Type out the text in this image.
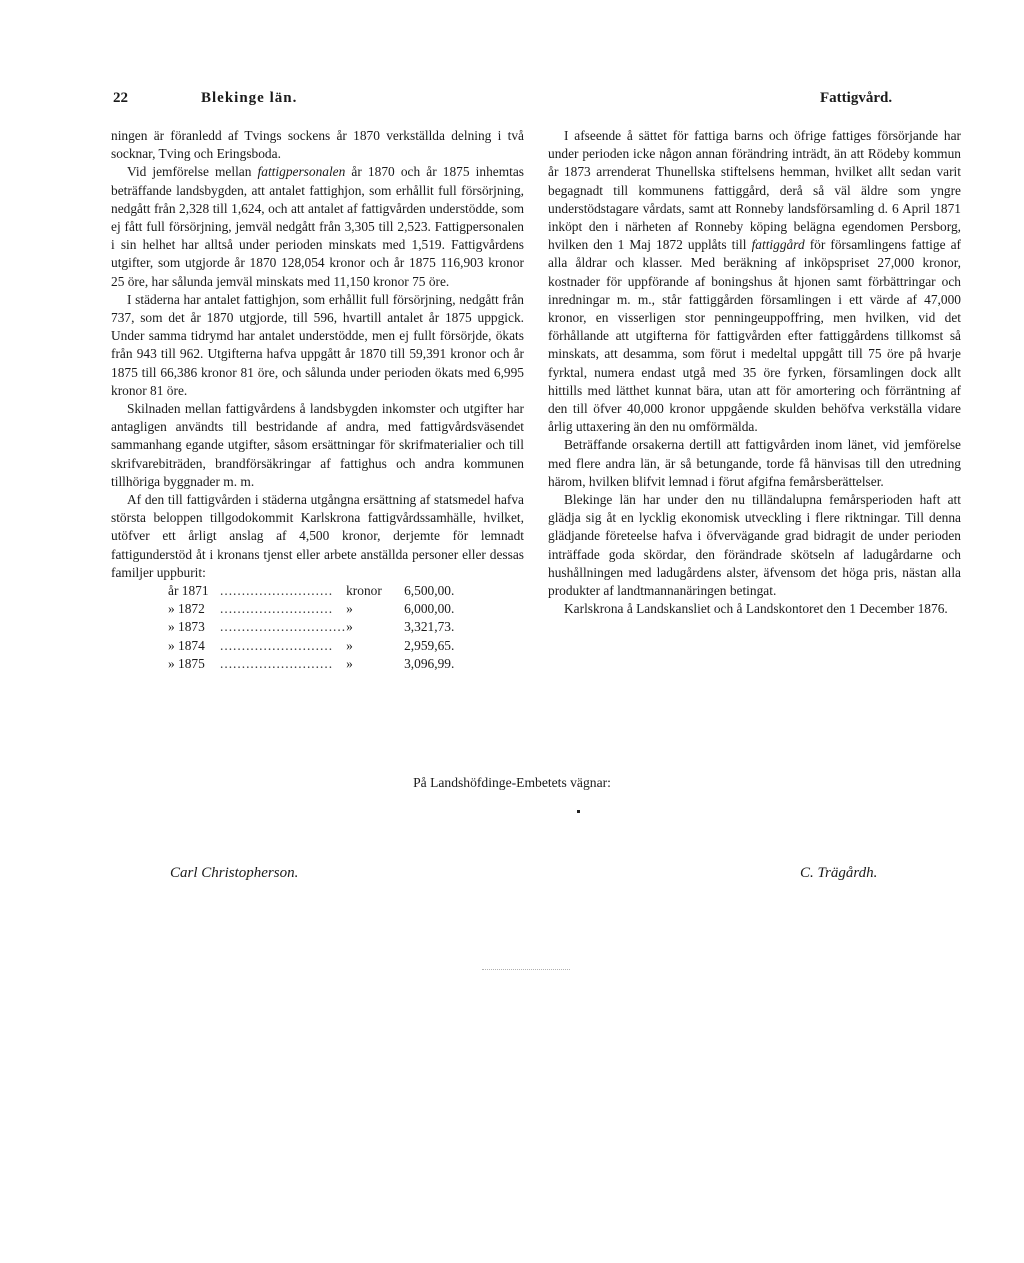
22	Blekinge län.	Fattigvård.

ningen är föranledd af Tvings sockens år 1870 verkställda delning i två socknar, Tving och Eringsboda.

Vid jemförelse mellan fattigpersonalen år 1870 och år 1875 inhemtas beträffande landsbygden, att antalet fattighjon, som erhållit full försörjning, nedgått från 2,328 till 1,624, och att antalet af fattigvården understödde, som ej fått full försörjning, jemväl nedgått från 3,305 till 2,523. Fattigpersonalen i sin helhet har alltså under perioden minskats med 1,519. Fattigvårdens utgifter, som utgjorde år 1870 128,054 kronor och år 1875 116,903 kronor 25 öre, har sålunda jemväl minskats med 11,150 kronor 75 öre.

I städerna har antalet fattighjon, som erhållit full försörjning, nedgått från 737, som det år 1870 utgjorde, till 596, hvartill antalet år 1875 uppgick. Under samma tidrymd har antalet understödde, men ej fullt försörjde, ökats från 943 till 962. Utgifterna hafva uppgått år 1870 till 59,391 kronor och år 1875 till 66,386 kronor 81 öre, och sålunda under perioden ökats med 6,995 kronor 81 öre.

Skilnaden mellan fattigvårdens å landsbygden inkomster och utgifter har antagligen användts till bestridande af andra, med fattigvårdsväsendet sammanhang egande utgifter, såsom ersättningar för skrifmaterialier och till skrifvarebiträden, brandförsäkringar af fattighus och andra kommunen tillhöriga byggnader m. m.

Af den till fattigvården i städerna utgångna ersättning af statsmedel hafva största beloppen tillgodokommit Karlskrona fattigvårdssamhälle, hvilket, utöfver ett årligt anslag af 4,500 kronor, derjemte för lemnadt fattigunderstöd åt i kronans tjenst eller arbete anställda personer eller dessas familjer uppburit:

år 1871	..........................	kronor	6,500,00.
» 1872	..........................	»	6,000,00.
» 1873	.............................	»	3,321,73.
» 1874	..........................	»	2,959,65.
» 1875	..........................	»	3,096,99.

I afseende å sättet för fattiga barns och öfrige fattiges försörjande har under perioden icke någon annan förändring inträdt, än att Rödeby kommun år 1873 arrenderat Thunellska stiftelsens hemman, hvilket allt sedan varit begagnadt till kommunens fattiggård, derå så väl äldre som yngre understödstagare vårdats, samt att Ronneby landsförsamling d. 6 April 1871 inköpt den i närheten af Ronneby köping belägna egendomen Persborg, hvilken den 1 Maj 1872 upplåts till fattiggård för församlingens fattige af alla åldrar och klasser. Med beräkning af inköpspriset 27,000 kronor, kostnader för uppförande af boningshus åt hjonen samt förbättringar och inredningar m. m., står fattiggården församlingen i ett värde af 47,000 kronor, en visserligen stor penningeuppoffring, men hvilken, vid det förhållande att utgifterna för fattigvården efter fattiggårdens tillkomst så minskats, att desamma, som förut i medeltal uppgått till 75 öre på hvarje fyrktal, numera endast utgå med 35 öre fyrken, församlingen dock allt hittills med lätthet kunnat bära, utan att för amortering och förräntning af den till öfver 40,000 kronor uppgående skulden behöfva verkställa vidare årlig uttaxering än den nu omförmälda.

Beträffande orsakerna dertill att fattigvården inom länet, vid jemförelse med flere andra län, är så betungande, torde få hänvisas till den utredning härom, hvilken blifvit lemnad i förut afgifna femårsberättelser.

Blekinge län har under den nu tilländalupna femårsperioden haft att glädja sig åt en lycklig ekonomisk utveckling i flere riktningar. Till denna glädjande företeelse hafva i öfvervägande grad bidragit de under perioden inträffade goda skördar, den förändrade skötseln af ladugårdarne och hushållningen med ladugårdens alster, äfvensom det höga pris, nästan alla produkter af landtmannanäringen betingat.

Karlskrona å Landskansliet och å Landskontoret den 1 December 1876.

På Landshöfdinge-Embetets vägnar:
Carl Christopherson.	C. Trägårdh.
